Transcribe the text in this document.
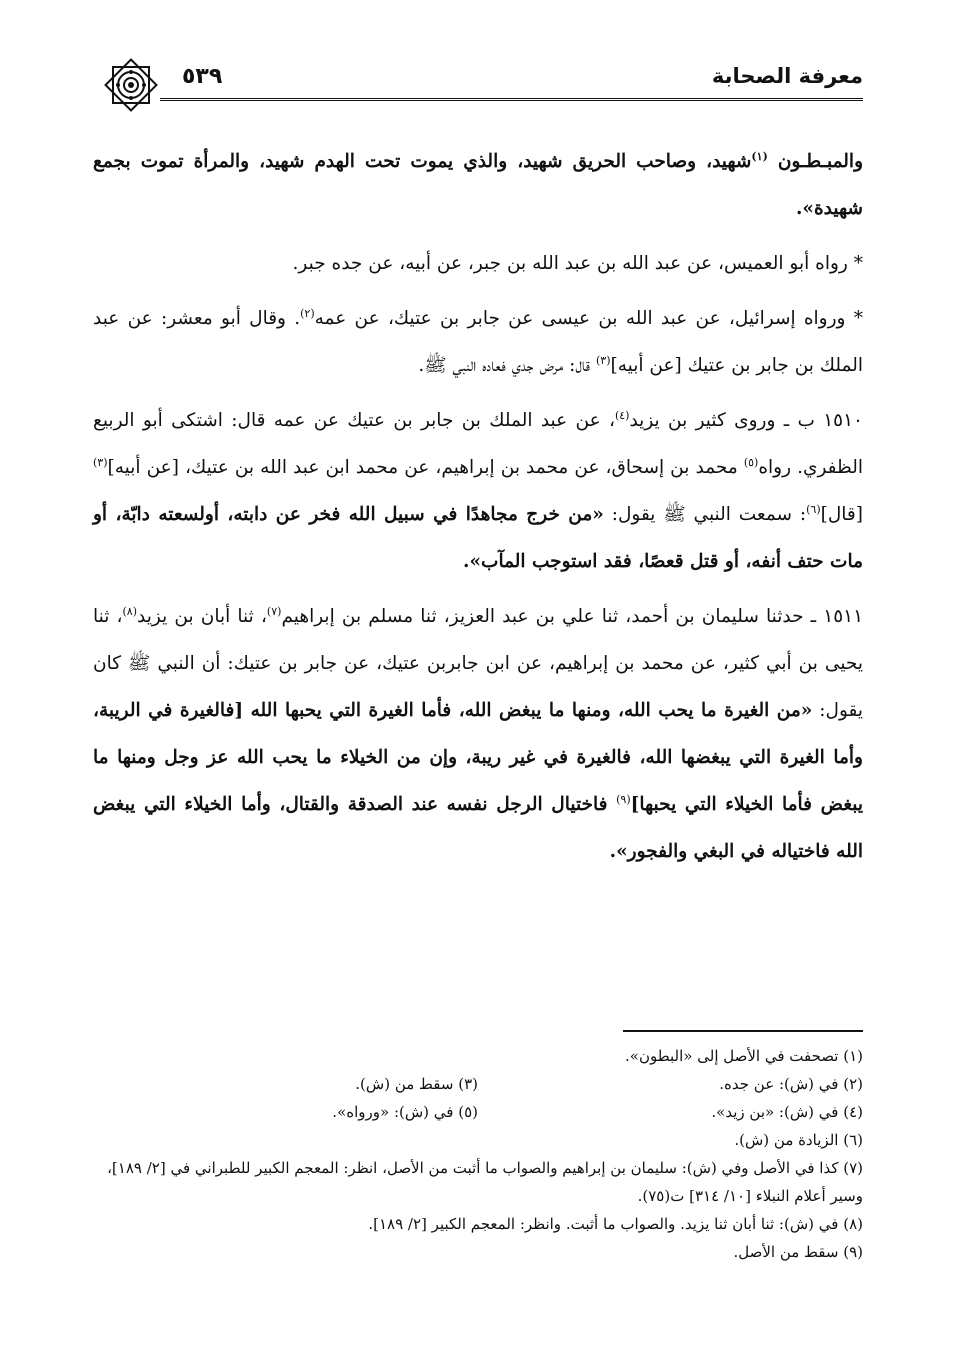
معرفة الصحابة
٥٣٩

والمبـطـون $^{(١)}$شهيد، وصاحب الحريق شهيد، والذي يموت تحت الهدم شهيد، والمرأة تموت بجمع شهيدة».

* رواه أبو العميس، عن عبد الله بن عبد الله بن جبر، عن أبيه، عن جده جبر.

* ورواه إسرائيل، عن عبد الله بن عيسى عن جابر بن عتيك، عن عمه$^{(٢)}$. وقال أبو معشر: عن عبد الملك بن جابر بن عتيك [عن أبيه]$^{(٣)}$ قال: مرض جدي فعاده النبي ﷺ.

١٥١٠ ب ـ وروى كثير بن يزيد$^{(٤)}$، عن عبد الملك بن جابر بن عتيك عن عمه قال: اشتكى أبو الربيع الظفري. رواه$^{(٥)}$ محمد بن إسحاق، عن محمد بن إبراهيم، عن محمد ابن عبد الله بن عتيك، [عن أبيه]$^{(٣)}$ [قال]$^{(٦)}$: سمعت النبي ﷺ يقول: «من خرج مجاهدًا في سبيل الله فخر عن دابته، أولسعته دابّة، أو مات حتف أنفه، أو قتل قعصًا، فقد استوجب المآب».

١٥١١ ـ حدثنا سليمان بن أحمد، ثنا علي بن عبد العزيز، ثنا مسلم بن إبراهيم$^{(٧)}$، ثنا أبان بن يزيد$^{(٨)}$، ثنا يحيى بن أبي كثير، عن محمد بن إبراهيم، عن ابن جابربن عتيك، عن جابر بن عتيك: أن النبي ﷺ كان يقول: «من الغيرة ما يحب الله، ومنها ما يبغض الله، فأما الغيرة التي يحبها الله [فالغيرة في الريبة، وأما الغيرة التي يبغضها الله، فالغيرة في غير ريبة، وإن من الخيلاء ما يحب الله عز وجل ومنها ما يبغض فأما الخيلاء التي يحبها]$^{(٩)}$ فاختيال الرجل نفسه عند الصدقة والقتال، وأما الخيلاء التي يبغض الله فاختياله في البغي والفجور».

(١) تصحفت في الأصل إلى «البطون».
(٢) في (ش): عن جده.
(٣) سقط من (ش).
(٤) في (ش): «بن زيد».
(٥) في (ش): «ورواه».
(٦) الزيادة من (ش).
(٧) كذا في الأصل وفي (ش): سليمان بن إبراهيم والصواب ما أثبت من الأصل، انظر: المعجم الكبير للطبراني في [٢/ ١٨٩]، وسير أعلام النبلاء [١٠/ ٣١٤] ت(٧٥).
(٨) في (ش): ثنا أبان ثنا يزيد. والصواب ما أثبت. وانظر: المعجم الكبير [٢/ ١٨٩].
(٩) سقط من الأصل.
